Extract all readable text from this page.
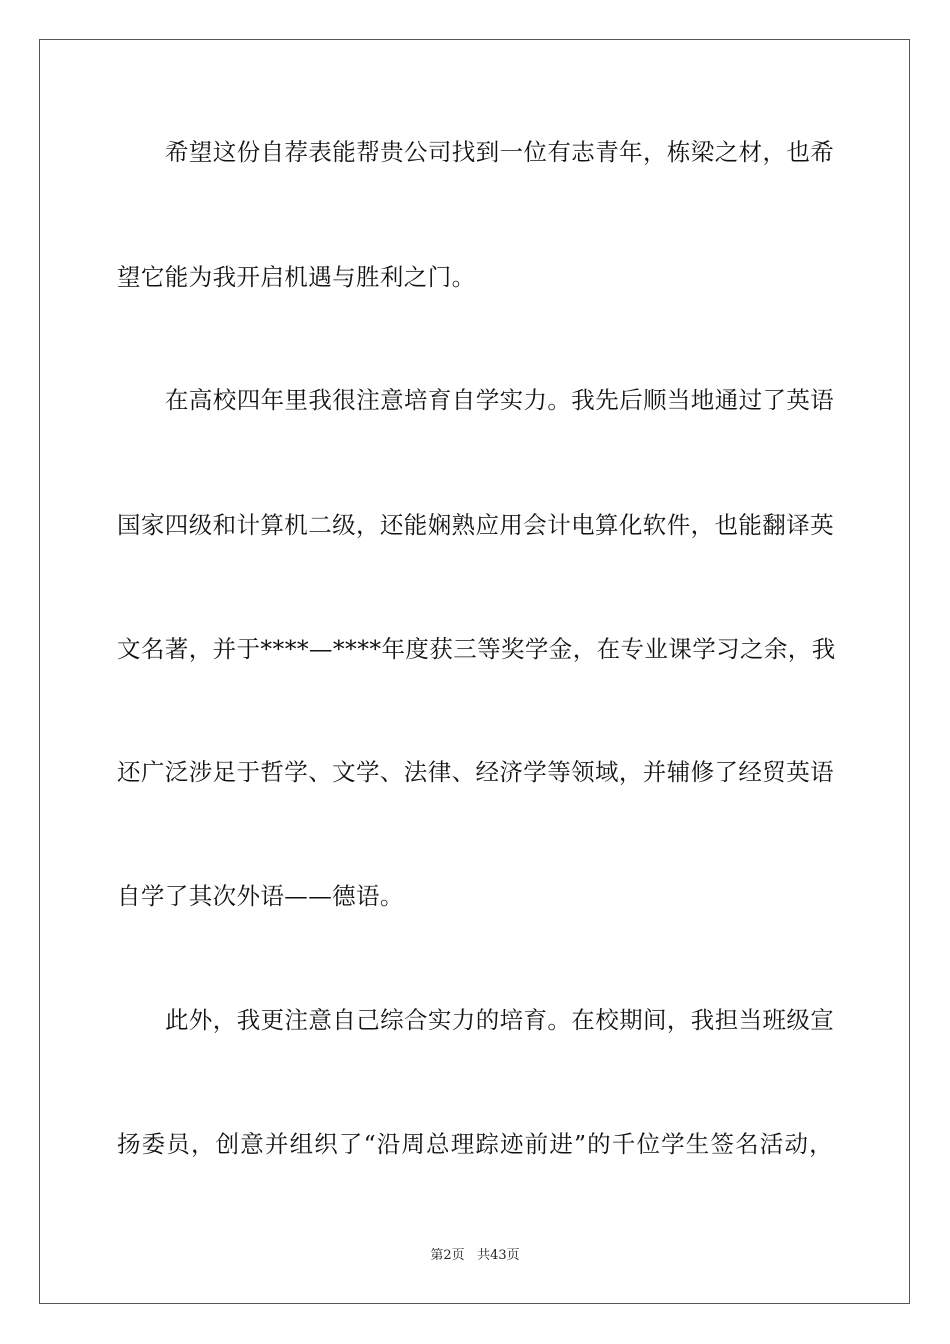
希望这份自荐表能帮贵公司找到一位有志青年，栋梁之材，也希
望它能为我开启机遇与胜利之门。
在高校四年里我很注意培育自学实力。我先后顺当地通过了英语
国家四级和计算机二级，还能娴熟应用会计电算化软件，也能翻译英
文名著，并于****—****年度获三等奖学金，在专业课学习之余，我
还广泛涉足于哲学、文学、法律、经济学等领域，并辅修了经贸英语
自学了其次外语——德语。
此外，我更注意自己综合实力的培育。在校期间，我担当班级宣
扬委员，创意并组织了“沿周总理踪迹前进”的千位学生签名活动，
第2页 共43页
